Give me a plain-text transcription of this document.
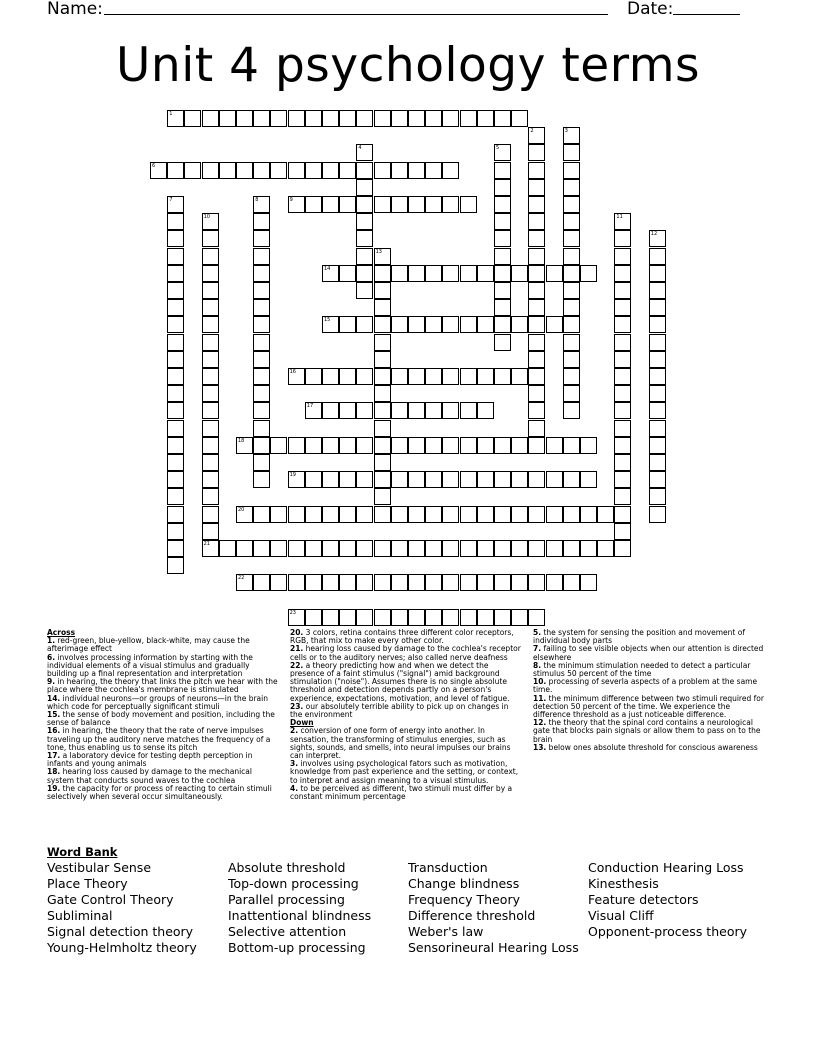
Name:	Date:
Unit 4 psychology terms
1
6
9
14
15
16
17
18
19
20
21
22
23
2	3
4	5
7	8
10	11
12
13
Across
1. red-green, blue-yellow, black-white, may cause the afterimage effect
6. involves processing information by starting with the individual elements of a visual stimulus and gradually building up a final representation and interpretation
9. in hearing, the theory that links the pitch we hear with the place where the cochlea's membrane is stimulated
14. individual neurons—or groups of neurons—in the brain which code for perceptually significant stimuli
15. the sense of body movement and position, including the sense of balance
16. in hearing, the theory that the rate of nerve impulses traveling up the auditory nerve matches the frequency of a tone, thus enabling us to sense its pitch
17. a laboratory device for testing depth perception in infants and young animals
18. hearing loss caused by damage to the mechanical system that conducts sound waves to the cochlea
19. the capacity for or process of reacting to certain stimuli selectively when several occur simultaneously.
20. 3 colors, retina contains three different color receptors, RGB, that mix to make every other color.
21. hearing loss caused by damage to the cochlea's receptor cells or to the auditory nerves; also called nerve deafness
22. a theory predicting how and when we detect the presence of a faint stimulus ("signal") amid background stimulation ("noise"). Assumes there is no single absolute threshold and detection depends partly on a person's experience, expectations, motivation, and level of fatigue.
23. our absolutely terrible ability to pick up on changes in the environment
Down
2. conversion of one form of energy into another. In sensation, the transforming of stimulus energies, such as sights, sounds, and smells, into neural impulses our brains can interpret.
3. involves using psychological fators such as motivation, knowledge from past experience and the setting, or context, to interpret and assign meaning to a visual stimulus.
4. to be perceived as different, two stimuli must differ by a constant minimum percentage
5. the system for sensing the position and movement of individual body parts
7. failing to see visible objects when our attention is directed elsewhere
8. the minimum stimulation needed to detect a particular stimulus 50 percent of the time
10. processing of severla aspects of a problem at the same time.
11. the minimum difference between two stimuli required for detection 50 percent of the time. We experience the difference threshold as a just noticeable difference.
12. the theory that the spinal cord contains a neurological gate that blocks pain signals or allow them to pass on to the brain
13. below ones absolute threshold for conscious awareness
Word Bank
Vestibular Sense
Place Theory
Gate Control Theory
Subliminal
Signal detection theory
Young-Helmholtz theory
Absolute threshold
Top-down processing
Parallel processing
Inattentional blindness
Selective attention
Bottom-up processing
Transduction
Change blindness
Frequency Theory
Difference threshold
Weber's law
Sensorineural Hearing Loss
Conduction Hearing Loss
Kinesthesis
Feature detectors
Visual Cliff
Opponent-process theory
